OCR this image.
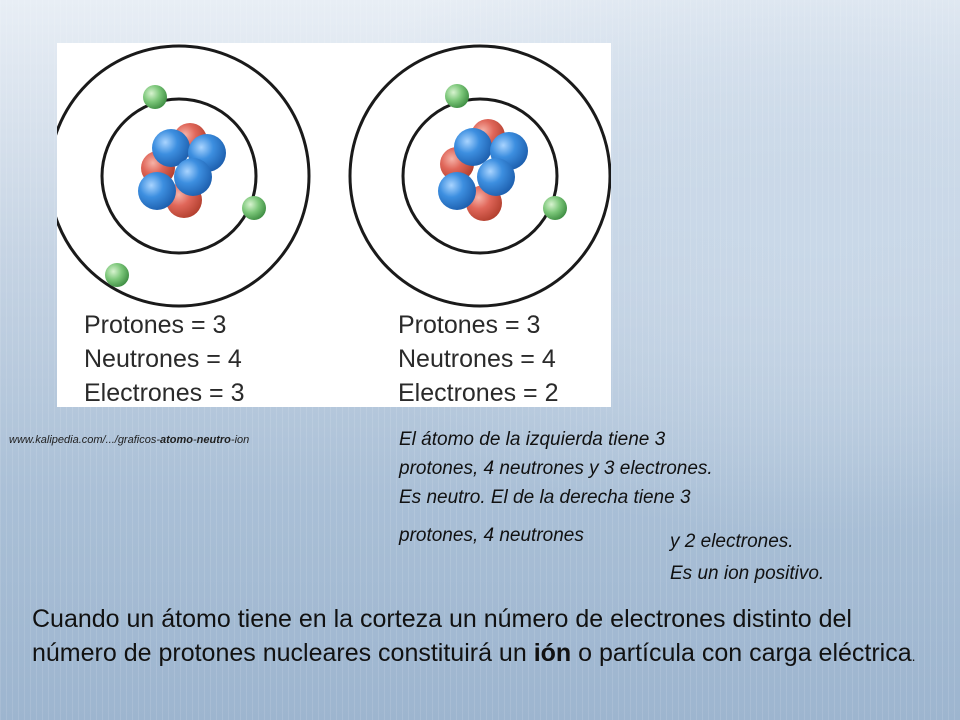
Protones = 3
Neutrones = 4
Electrones = 3
Protones = 3
Neutrones = 4
Electrones = 2
www.kalipedia.com/.../graficos-atomo-neutro-ion	El átomo de la izquierda tiene 3
protones, 4 neutrones y 3 electrones.
Es neutro. El de la derecha tiene 3
protones, 4 neutrones	y 2 electrones.
Es un ion positivo.
Cuando un átomo tiene en la corteza un número de electrones distinto del número de protones nucleares constituirá un ión o partícula con carga eléctrica.
